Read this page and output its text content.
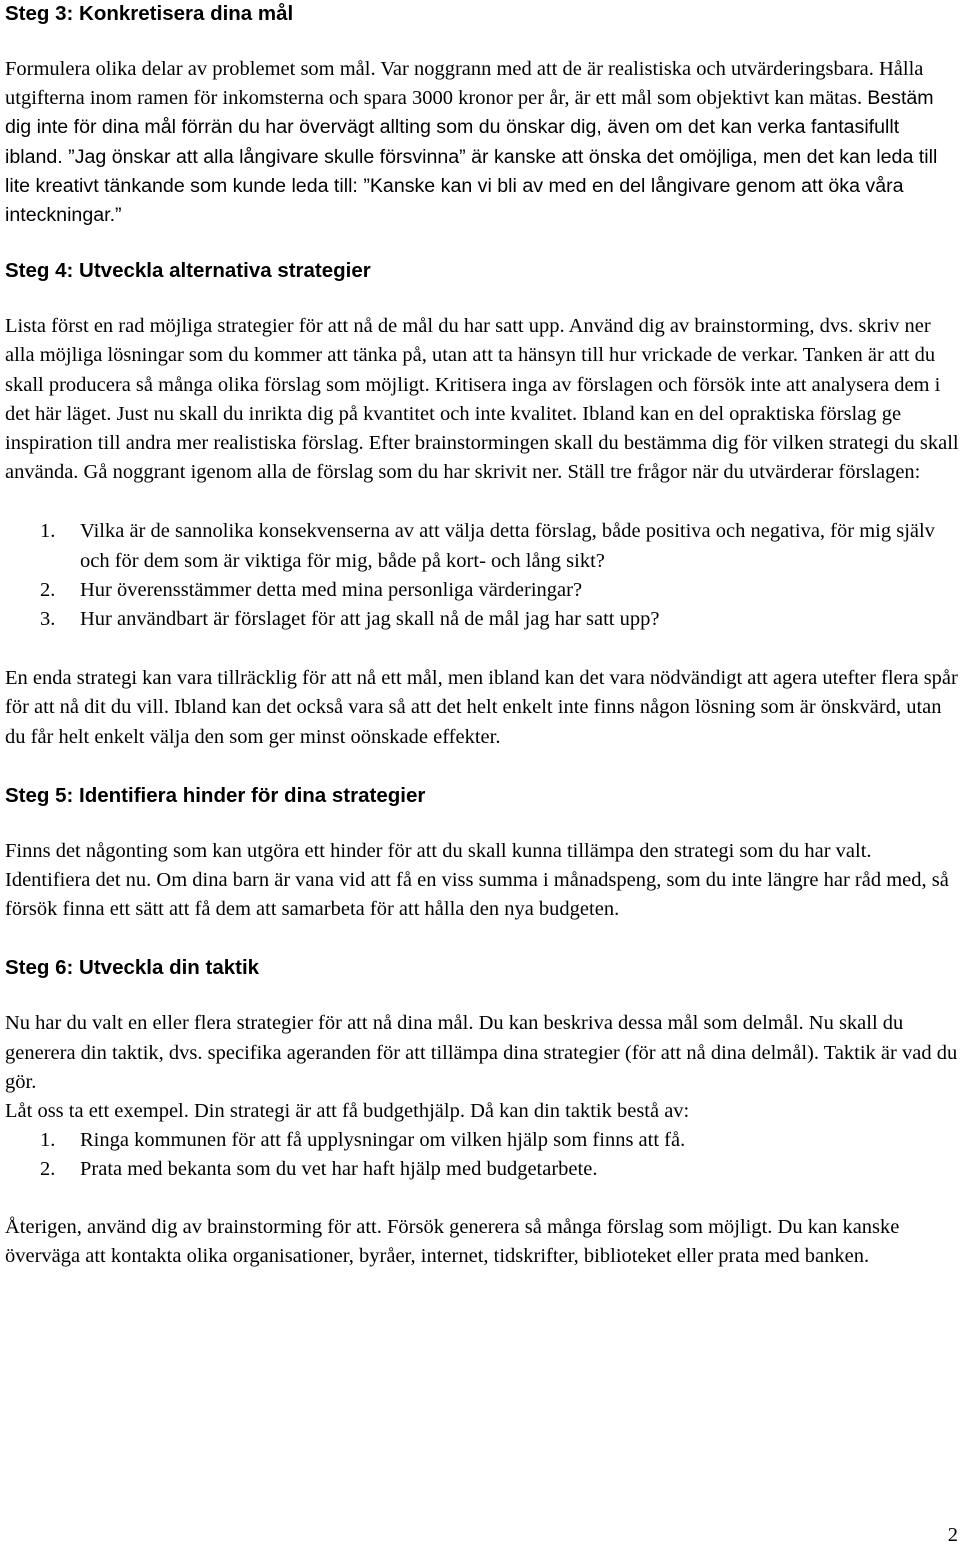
Steg 3: Konkretisera dina mål

Formulera olika delar av problemet som mål. Var noggrann med att de är realistiska och utvärderingsbara. Hålla utgifterna inom ramen för inkomsterna och spara 3000 kronor per år, är ett mål som objektivt kan mätas. Bestäm dig inte för dina mål förrän du har övervägt allting som du önskar dig, även om det kan verka fantasifullt ibland. ”Jag önskar att alla långivare skulle försvinna” är kanske att önska det omöjliga, men det kan leda till lite kreativt tänkande som kunde leda till: ”Kanske kan vi bli av med en del långivare genom att öka våra inteckningar.”

Steg 4: Utveckla alternativa strategier

Lista först en rad möjliga strategier för att nå de mål du har satt upp. Använd dig av brainstorming, dvs. skriv ner alla möjliga lösningar som du kommer att tänka på, utan att ta hänsyn till hur vrickade de verkar. Tanken är att du skall producera så många olika förslag som möjligt. Kritisera inga av förslagen och försök inte att analysera dem i det här läget. Just nu skall du inrikta dig på kvantitet och inte kvalitet. Ibland kan en del opraktiska förslag ge inspiration till andra mer realistiska förslag. Efter brainstormingen skall du bestämma dig för vilken strategi du skall använda. Gå noggrant igenom alla de förslag som du har skrivit ner. Ställ tre frågor när du utvärderar förslagen:

1. Vilka är de sannolika konsekvenserna av att välja detta förslag, både positiva och negativa, för mig själv och för dem som är viktiga för mig, både på kort- och lång sikt?
2. Hur överensstämmer detta med mina personliga värderingar?
3. Hur användbart är förslaget för att jag skall nå de mål jag har satt upp?

En enda strategi kan vara tillräcklig för att nå ett mål, men ibland kan det vara nödvändigt att agera utefter flera spår för att nå dit du vill. Ibland kan det också vara så att det helt enkelt inte finns någon lösning som är önskvärd, utan du får helt enkelt välja den som ger minst oönskade effekter.

Steg 5: Identifiera hinder för dina strategier

Finns det någonting som kan utgöra ett hinder för att du skall kunna tillämpa den strategi som du har valt. Identifiera det nu. Om dina barn är vana vid att få en viss summa i månadspeng, som du inte längre har råd med, så försök finna ett sätt att få dem att samarbeta för att hålla den nya budgeten.

Steg 6: Utveckla din taktik

Nu har du valt en eller flera strategier för att nå dina mål. Du kan beskriva dessa mål som delmål. Nu skall du generera din taktik, dvs. specifika ageranden för att tillämpa dina strategier (för att nå dina delmål). Taktik är vad du gör.

Låt oss ta ett exempel. Din strategi är att få budgethjälp. Då kan din taktik bestå av:

1. Ringa kommunen för att få upplysningar om vilken hjälp som finns att få.
2. Prata med bekanta som du vet har haft hjälp med budgetarbete.

Återigen, använd dig av brainstorming för att. Försök generera så många förslag som möjligt. Du kan kanske överväga att kontakta olika organisationer, byråer, internet, tidskrifter, biblioteket eller prata med banken.

2
